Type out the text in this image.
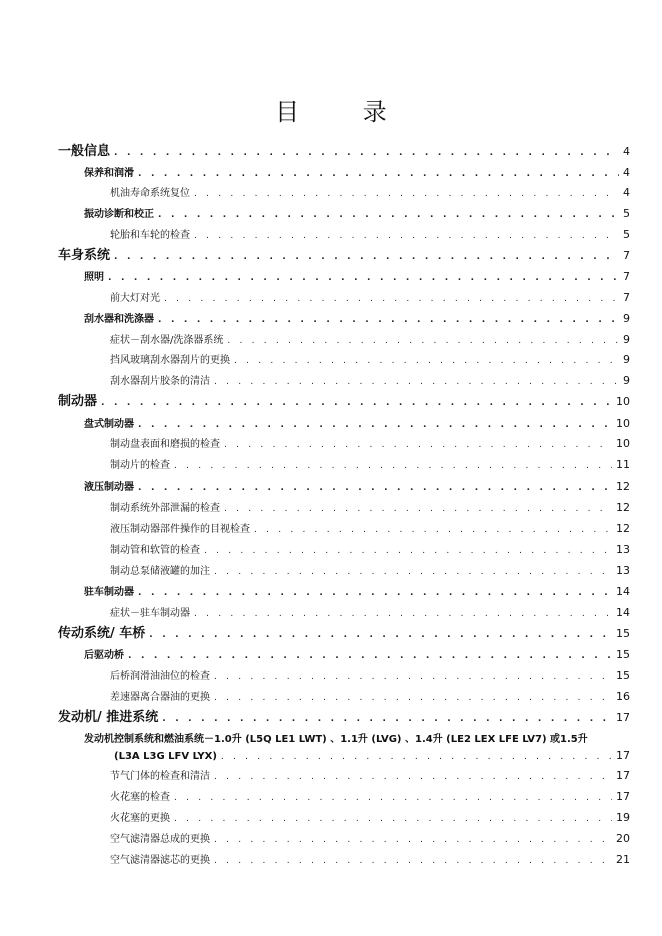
目 录
一般信息 . . .	4
保养和润滑 . . .	4
机油寿命系统复位 . . .	4
振动诊断和校正 . . .	5
轮胎和车轮的检查 . . .	5
车身系统 . . .	7
照明 . . .	7
前大灯对光 . . .	7
刮水器和洗涤器 . . .	9
症状－刮水器/洗涤器系统 . . .	9
挡风玻璃刮水器刮片的更换 . . .	9
刮水器刮片胶条的清洁 . . .	9
制动器 . . .	10
盘式制动器 . . .	10
制动盘表面和磨损的检查 . . .	10
制动片的检查 . . .	11
液压制动器 . . .	12
制动系统外部泄漏的检查 . . .	12
液压制动器部件操作的目视检查 . . .	12
制动管和软管的检查 . . .	13
制动总泵储液罐的加注 . . .	13
驻车制动器 . . .	14
症状－驻车制动器 . . .	14
传动系统/ 车桥 . . .	15
后驱动桥 . . .	15
后桥润滑油油位的检查 . . .	15
差速器离合器油的更换 . . .	16
发动机/ 推进系统 . . .	17
发动机控制系统和燃油系统－1.0升 (L5Q LE1 LWT) 、1.1升 (LVG) 、1.4升 (LE2 LEX LFE LV7) 或1.5升
(L3A L3G LFV LYX) . . .	17
节气门体的检查和清洁 . . .	17
火花塞的检查 . . .	17
火花塞的更换 . . .	19
空气滤清器总成的更换 . . .	20
空气滤清器滤芯的更换 . . .	21
